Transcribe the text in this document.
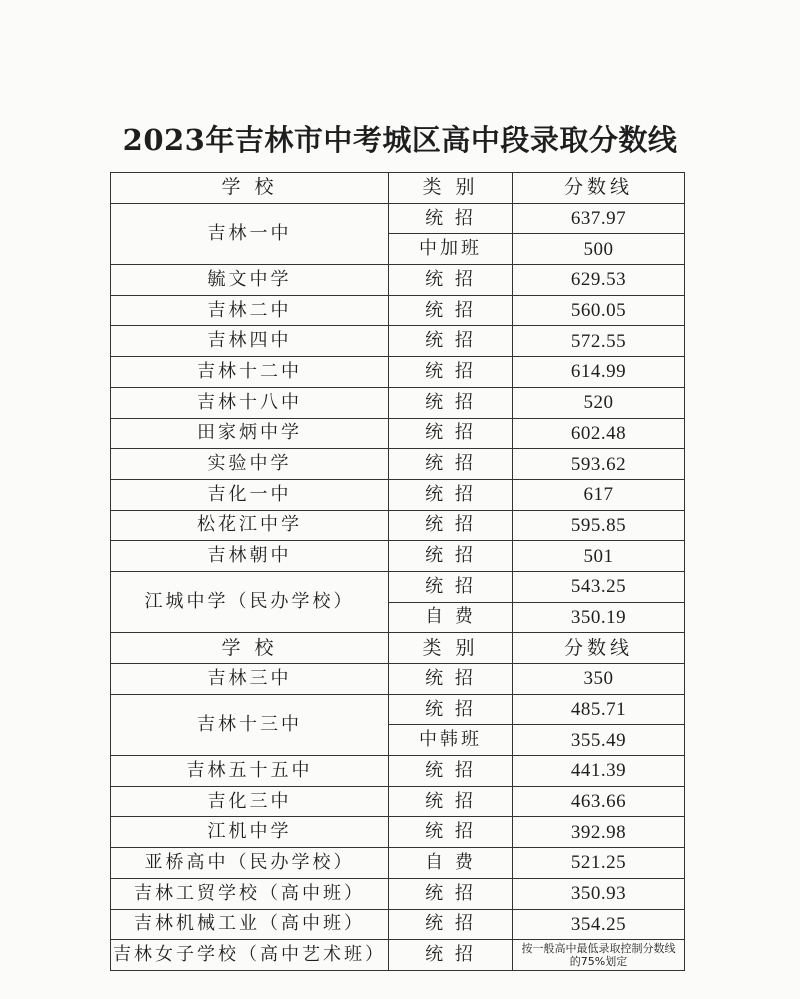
2023年吉林市中考城区高中段录取分数线
学 校	类 别	分数线
吉林一中	统 招	637.97
	中加班	500
毓文中学	统 招	629.53
吉林二中	统 招	560.05
吉林四中	统 招	572.55
吉林十二中	统 招	614.99
吉林十八中	统 招	520
田家炳中学	统 招	602.48
实验中学	统 招	593.62
吉化一中	统 招	617
松花江中学	统 招	595.85
吉林朝中	统 招	501
江城中学（民办学校）	统 招	543.25
	自 费	350.19
学 校	类 别	分数线
吉林三中	统 招	350
吉林十三中	统 招	485.71
	中韩班	355.49
吉林五十五中	统 招	441.39
吉化三中	统 招	463.66
江机中学	统 招	392.98
亚桥高中（民办学校）	自 费	521.25
吉林工贸学校（高中班）	统 招	350.93
吉林机械工业（高中班）	统 招	354.25
吉林女子学校（高中艺术班）	统 招	按一般高中最低录取控制分数线的75%划定
